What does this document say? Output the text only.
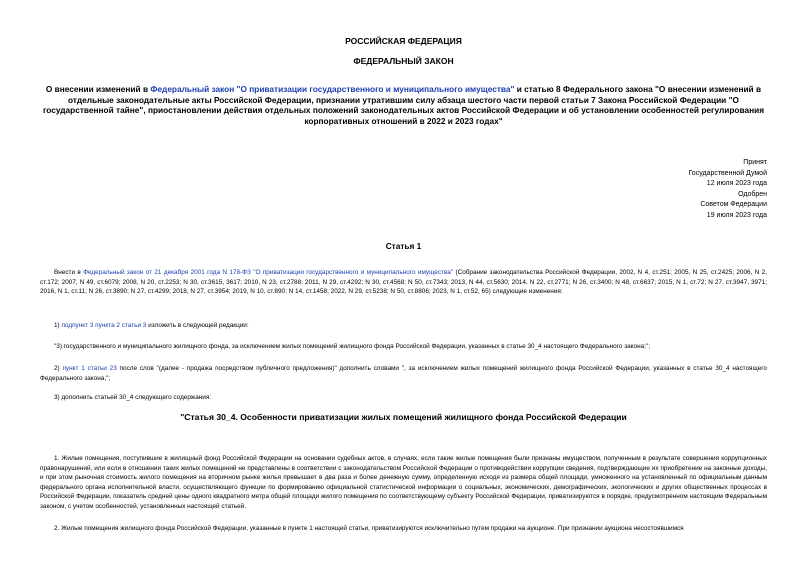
РОССИЙСКАЯ ФЕДЕРАЦИЯ
ФЕДЕРАЛЬНЫЙ ЗАКОН
О внесении изменений в Федеральный закон "О приватизации государственного и муниципального имущества" и статью 8 Федерального закона "О внесении изменений в отдельные законодательные акты Российской Федерации, признании утратившим силу абзаца шестого части первой статьи 7 Закона Российской Федерации "О государственной тайне", приостановлении действия отдельных положений законодательных актов Российской Федерации и об установлении особенностей регулирования корпоративных отношений в 2022 и 2023 годах"
Принят
Государственной Думой
12 июля 2023 года
Одобрен
Советом Федерации
19 июля 2023 года
Статья 1
Внести в Федеральный закон от 21 декабря 2001 года N 178-ФЗ "О приватизации государственного и муниципального имущества" (Собрание законодательства Российской Федерации, 2002, N 4, ст.251; 2005, N 25, ст.2425; 2006, N 2, ст.172; 2007, N 49, ст.6079; 2008, N 20, ст.2253; N 30, ст.3615, 3617; 2010, N 23, ст.2788; 2011, N 29, ст.4292; N 30, ст.4568; N 50, ст.7343; 2013, N 44, ст.5630; 2014, N 22, ст.2771; N 26, ст.3400; N 48, ст.6637; 2015, N 1, ст.72; N 27, ст.3947, 3971; 2016, N 1, ст.11; N 26, ст.3890; N 27, ст.4299; 2018, N 27, ст.3954; 2019, N 10, ст.890; N 14, ст.1458; 2022, N 29, ст.5238; N 50, ст.8806; 2023, N 1, ст.52, 65) следующие изменения:
1) подпункт 3 пункта 2 статьи 3 изложить в следующей редакции:
"3) государственного и муниципального жилищного фонда, за исключением жилых помещений жилищного фонда Российской Федерации, указанных в статье 30_4 настоящего Федерального закона;";
2) пункт 1 статьи 23 после слов "(далее - продажа посредством публичного предложения)" дополнить словами ", за исключением жилых помещений жилищного фонда Российской Федерации, указанных в статье 30_4 настоящего Федерального закона,";
3) дополнить статьей 30_4 следующего содержания:
"Статья 30_4. Особенности приватизации жилых помещений жилищного фонда Российской Федерации
1. Жилые помещения, поступившие в жилищный фонд Российской Федерации на основании судебных актов, в случаях, если такие жилые помещения были признаны имуществом, полученным в результате совершения коррупционных правонарушений, или если в отношении таких жилых помещений не представлены в соответствии с законодательством Российской Федерации о противодействии коррупции сведения, подтверждающие их приобретение на законные доходы, и при этом рыночная стоимость жилого помещения на вторичном рынке жилья превышает в два раза и более денежную сумму, определенную исходя из размера общей площади, умноженного на установленный по официальным данным федерального органа исполнительной власти, осуществляющего функции по формированию официальной статистической информации о социальных, экономических, демографических, экологических и других общественных процессах в Российской Федерации, показатель средней цены одного квадратного метра общей площади жилого помещения по соответствующему субъекту Российской Федерации, приватизируются в порядке, предусмотренном настоящим Федеральным законом, с учетом особенностей, установленных настоящей статьей.
2. Жилые помещения жилищного фонда Российской Федерации, указанные в пункте 1 настоящей статьи, приватизируются исключительно путем продажи на аукционе. При признании аукциона несостоявшимся
